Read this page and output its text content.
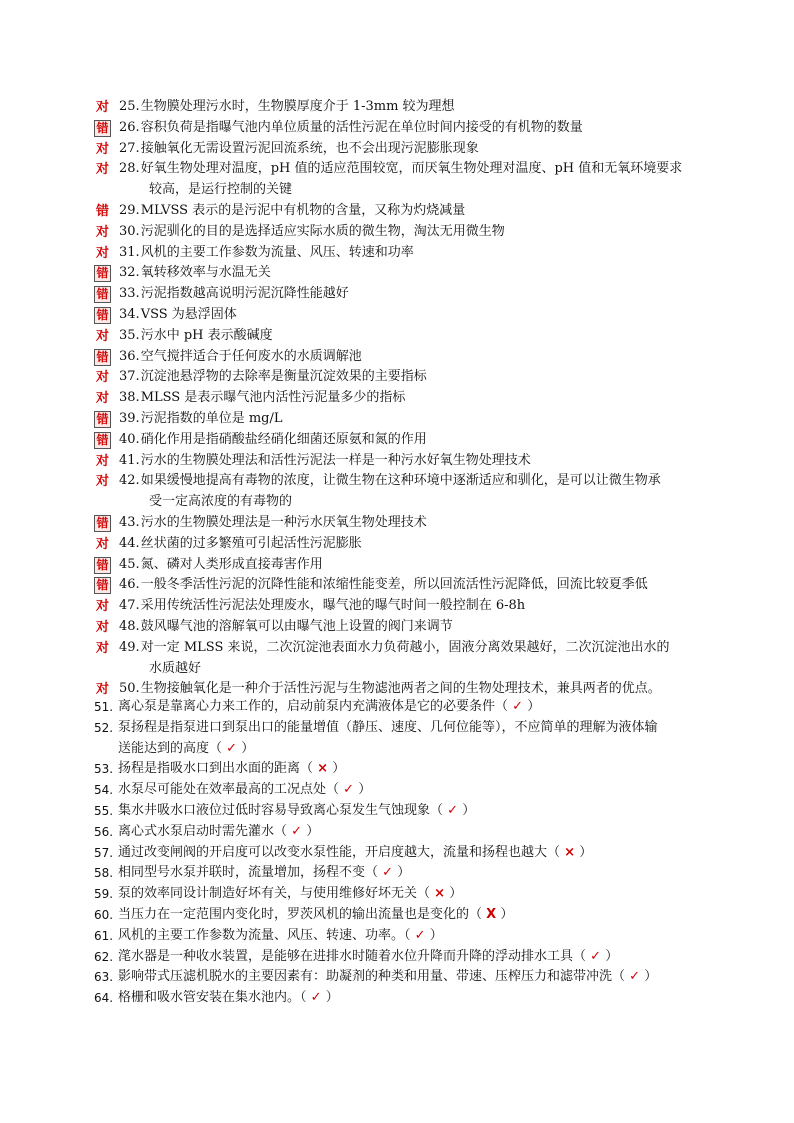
对 25.生物膜处理污水时，生物膜厚度介于 1-3mm 较为理想
错 26.容积负荷是指曝气池内单位质量的活性污泥在单位时间内接受的有机物的数量
对 27.接触氧化无需设置污泥回流系统，也不会出现污泥膨胀现象
对 28.好氧生物处理对温度，pH 值的适应范围较宽，而厌氧生物处理对温度、pH 值和无氧环境要求
较高，是运行控制的关键
错 29.MLVSS 表示的是污泥中有机物的含量，又称为灼烧减量
对 30.污泥驯化的目的是选择适应实际水质的微生物，淘汰无用微生物
对 31.风机的主要工作参数为流量、风压、转速和功率
错 32.氧转移效率与水温无关
错 33.污泥指数越高说明污泥沉降性能越好
错 34.VSS 为悬浮固体
对 35.污水中 pH 表示酸碱度
错 36.空气搅拌适合于任何废水的水质调解池
对 37.沉淀池悬浮物的去除率是衡量沉淀效果的主要指标
对 38.MLSS 是表示曝气池内活性污泥量多少的指标
错 39.污泥指数的单位是 mg/L
错 40.硝化作用是指硝酸盐经硝化细菌还原氨和氮的作用
对 41.污水的生物膜处理法和活性污泥法一样是一种污水好氧生物处理技术
对 42.如果缓慢地提高有毒物的浓度，让微生物在这种环境中逐渐适应和驯化，是可以让微生物承
受一定高浓度的有毒物的
错 43.污水的生物膜处理法是一种污水厌氧生物处理技术
对 44.丝状菌的过多繁殖可引起活性污泥膨胀
错 45.氮、磷对人类形成直接毒害作用
错 46.一般冬季活性污泥的沉降性能和浓缩性能变差，所以回流活性污泥降低，回流比较夏季低
对 47.采用传统活性污泥法处理废水，曝气池的曝气时间一般控制在 6-8h
对 48.鼓风曝气池的溶解氧可以由曝气池上设置的阀门来调节
对 49.对一定 MLSS 来说，二次沉淀池表面水力负荷越小，固液分离效果越好，二次沉淀池出水的
水质越好
对 50.生物接触氧化是一种介于活性污泥与生物滤池两者之间的生物处理技术，兼具两者的优点。
51. 离心泵是靠离心力来工作的，启动前泵内充满液体是它的必要条件（ ✓ ）
52. 泵扬程是指泵进口到泵出口的能量增值（静压、速度、几何位能等），不应简单的理解为液体输
送能达到的高度（ ✓ ）
53. 扬程是指吸水口到出水面的距离（ × ）
54. 水泵尽可能处在效率最高的工况点处（ ✓ ）
55. 集水井吸水口液位过低时容易导致离心泵发生气蚀现象（ ✓ ）
56. 离心式水泵启动时需先灌水（ ✓ ）
57. 通过改变闸阀的开启度可以改变水泵性能，开启度越大，流量和扬程也越大（ × ）
58. 相同型号水泵并联时，流量增加，扬程不变（ ✓ ）
59. 泵的效率同设计制造好坏有关，与使用维修好坏无关（ × ）
60. 当压力在一定范围内变化时，罗茨风机的输出流量也是变化的（ X ）
61. 风机的主要工作参数为流量、风压、转速、功率。（ ✓ ）
62. 滗水器是一种收水装置，是能够在进排水时随着水位升降而升降的浮动排水工具（ ✓ ）
63. 影响带式压滤机脱水的主要因素有：助凝剂的种类和用量、带速、压榨压力和滤带冲洗（ ✓ ）
64. 格栅和吸水管安装在集水池内。（ ✓ ）
